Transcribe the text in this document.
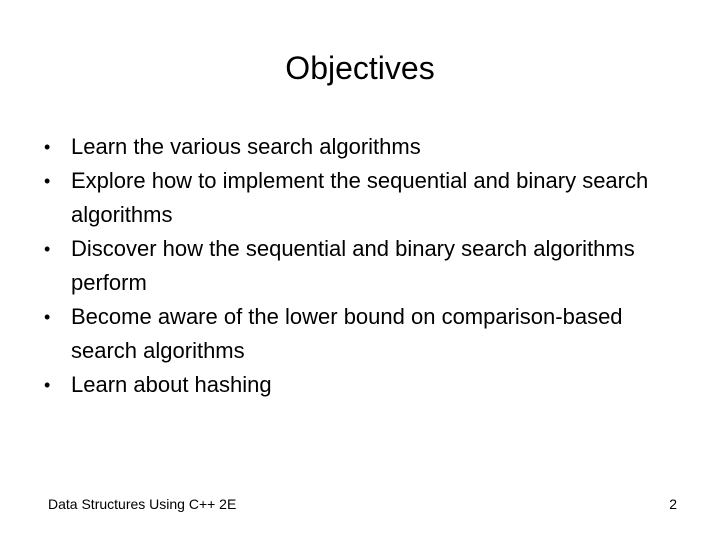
Objectives
• Learn the various search algorithms
• Explore how to implement the sequential and binary search algorithms
• Discover how the sequential and binary search algorithms perform
• Become aware of the lower bound on comparison-based search algorithms
• Learn about hashing
Data Structures Using C++ 2E	2
